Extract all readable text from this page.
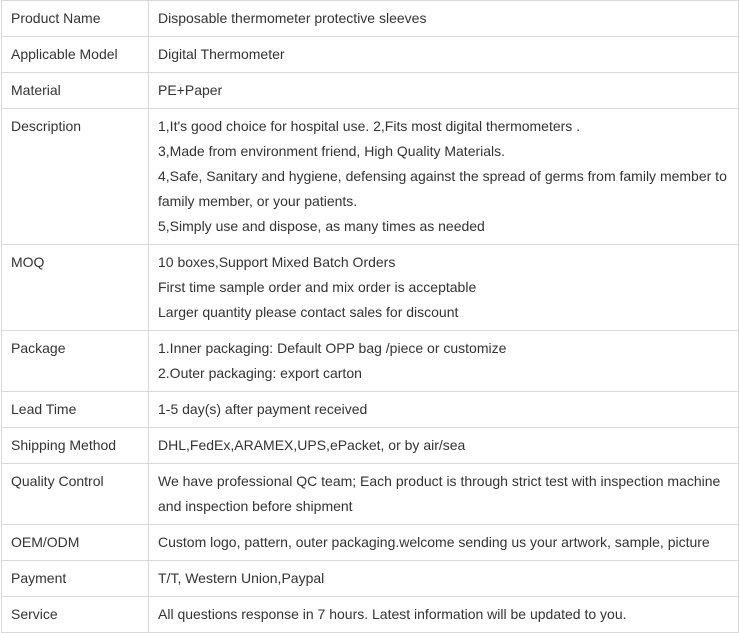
Product Name	Disposable thermometer protective sleeves

Applicable Model	Digital Thermometer

Material	PE+Paper

Description	1,It's good choice for hospital use. 2,Fits most digital thermometers .
3,Made from environment friend, High Quality Materials.
4,Safe, Sanitary and hygiene, defensing against the spread of germs from family member to family member, or your patients.
5,Simply use and dispose, as many times as needed

MOQ	10 boxes,Support Mixed Batch Orders
First time sample order and mix order is acceptable
Larger quantity please contact sales for discount

Package	1.Inner packaging: Default OPP bag /piece or customize
2.Outer packaging: export carton

Lead Time	1-5 day(s) after payment received

Shipping Method	DHL,FedEx,ARAMEX,UPS,ePacket, or by air/sea

Quality Control	We have professional QC team; Each product is through strict test with inspection machine and inspection before shipment

OEM/ODM	Custom logo, pattern, outer packaging.welcome sending us your artwork, sample, picture

Payment	T/T, Western Union,Paypal

Service	All questions response in 7 hours. Latest information will be updated to you.
